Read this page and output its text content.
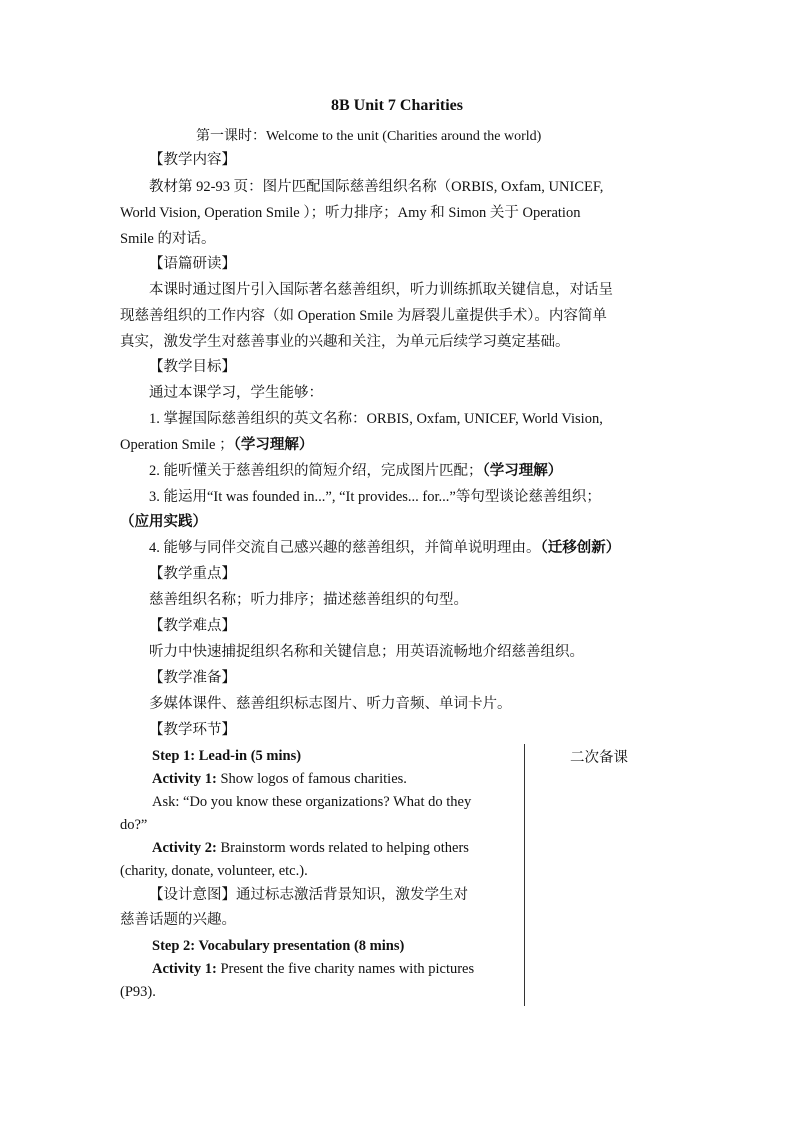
8B Unit 7 Charities
第一课时：Welcome to the unit (Charities around the world)
【教学内容】
教材第 92-93 页：图片匹配国际慈善组织名称（ORBIS, Oxfam, UNICEF,
World Vision, Operation Smile ）；听力排序；Amy 和 Simon 关于 Operation
Smile 的对话。
【语篇研读】
本课时通过图片引入国际著名慈善组织，听力训练抓取关键信息，对话呈
现慈善组织的工作内容（如 Operation Smile 为唇裂儿童提供手术）。内容简单
真实，激发学生对慈善事业的兴趣和关注，为单元后续学习奠定基础。
【教学目标】
通过本课学习，学生能够：
1. 掌握国际慈善组织的英文名称：ORBIS, Oxfam, UNICEF, World Vision,
Operation Smile ；（学习理解）
2. 能听懂关于慈善组织的简短介绍，完成图片匹配；（学习理解）
3. 能运用“It was founded in...”, “It provides... for...”等句型谈论慈善组织；
（应用实践）
4. 能够与同伴交流自己感兴趣的慈善组织，并简单说明理由。（迁移创新）
【教学重点】
慈善组织名称；听力排序；描述慈善组织的句型。
【教学难点】
听力中快速捕捉组织名称和关键信息；用英语流畅地介绍慈善组织。
【教学准备】
多媒体课件、慈善组织标志图片、听力音频、单词卡片。
【教学环节】
Step 1: Lead-in (5 mins)
Activity 1: Show logos of famous charities.
Ask: “Do you know these organizations? What do they
do?”
Activity 2: Brainstorm words related to helping others
(charity, donate, volunteer, etc.).
【设计意图】通过标志激活背景知识，激发学生对
慈善话题的兴趣。
Step 2: Vocabulary presentation (8 mins)
Activity 1: Present the five charity names with pictures
(P93).
二次备课
